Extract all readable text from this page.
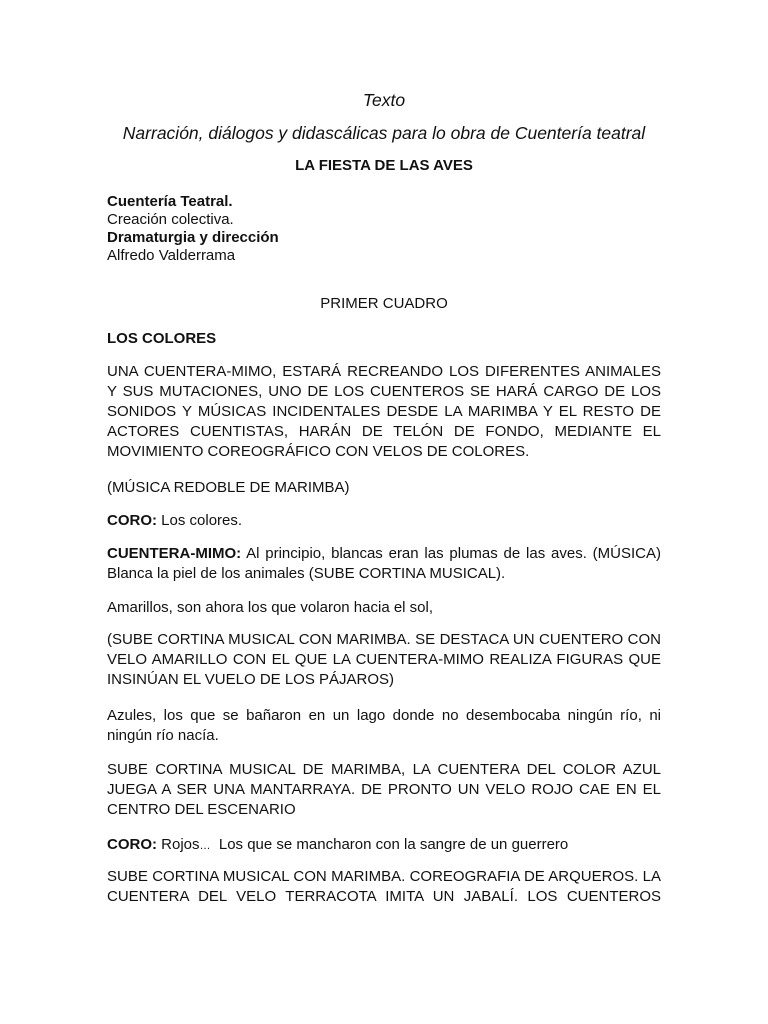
Texto
Narración, diálogos y didascálicas para lo obra de Cuentería teatral
LA FIESTA DE LAS AVES
Cuentería Teatral.
Creación colectiva.
Dramaturgia y dirección
Alfredo Valderrama
PRIMER CUADRO
LOS COLORES
UNA CUENTERA-MIMO, ESTARÁ RECREANDO LOS DIFERENTES ANIMALES Y SUS MUTACIONES, UNO DE LOS CUENTEROS SE HARÁ CARGO DE LOS SONIDOS Y MÚSICAS INCIDENTALES DESDE LA MARIMBA Y EL RESTO DE ACTORES CUENTISTAS, HARÁN DE TELÓN DE FONDO, MEDIANTE EL MOVIMIENTO COREOGRÁFICO CON VELOS DE COLORES.
(MÚSICA REDOBLE DE MARIMBA)
CORO: Los colores.
CUENTERA-MIMO: Al principio, blancas eran las plumas de las aves. (MÚSICA) Blanca la piel de los animales (SUBE CORTINA MUSICAL).
Amarillos, son ahora los que volaron hacia el sol,
(SUBE CORTINA MUSICAL CON MARIMBA. SE DESTACA UN CUENTERO CON VELO AMARILLO CON EL QUE LA CUENTERA-MIMO REALIZA FIGURAS QUE INSINÚAN EL VUELO DE LOS PÁJAROS)
Azules, los que se bañaron en un lago donde no desembocaba ningún río, ni ningún río nacía.
SUBE CORTINA MUSICAL DE MARIMBA, LA CUENTERA DEL COLOR AZUL JUEGA A SER UNA MANTARRAYA. DE PRONTO UN VELO ROJO CAE EN EL CENTRO DEL ESCENARIO
CORO: Rojos…  Los que se mancharon con la sangre de un guerrero
SUBE CORTINA MUSICAL CON MARIMBA. COREOGRAFIA DE ARQUEROS. LA CUENTERA DEL VELO TERRACOTA IMITA UN JABALÍ. LOS CUENTEROS
